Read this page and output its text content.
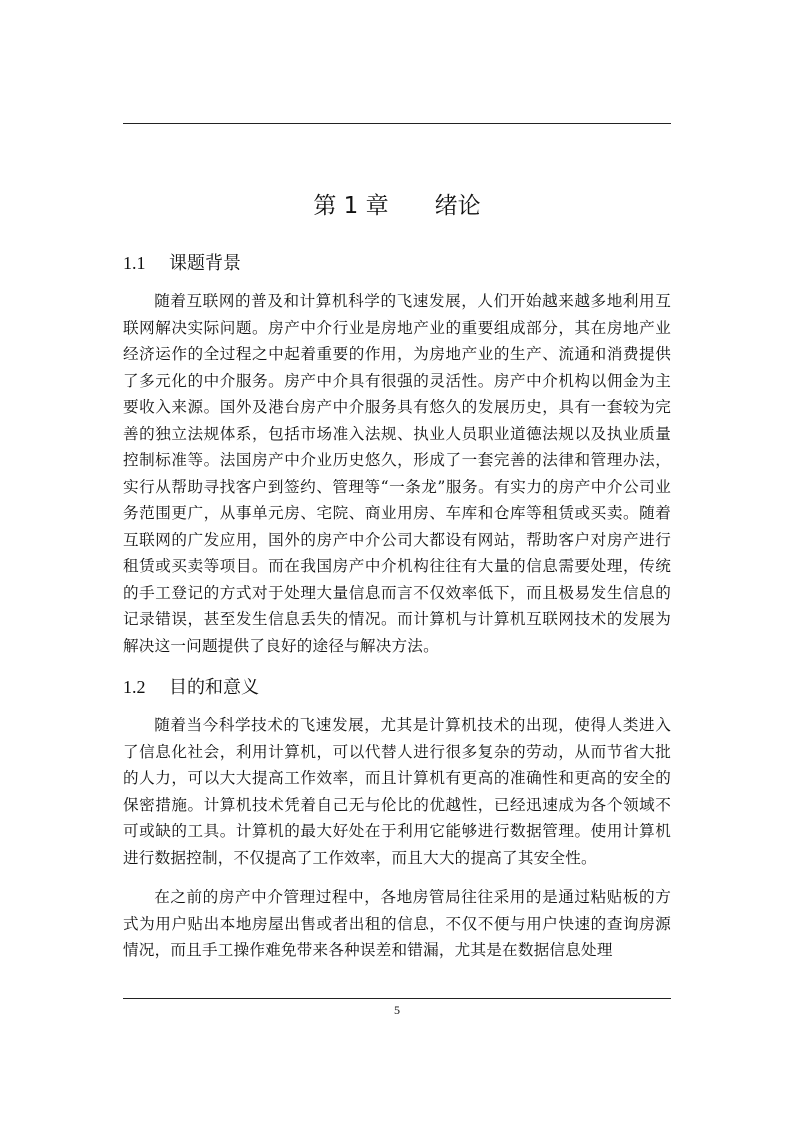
第 1 章　　绪论
1.1 课题背景

随着互联网的普及和计算机科学的飞速发展，人们开始越来越多地利用互联网解决实际问题。房产中介行业是房地产业的重要组成部分，其在房地产业经济运作的全过程之中起着重要的作用，为房地产业的生产、流通和消费提供了多元化的中介服务。房产中介具有很强的灵活性。房产中介机构以佣金为主要收入来源。国外及港台房产中介服务具有悠久的发展历史，具有一套较为完善的独立法规体系，包括市场准入法规、执业人员职业道德法规以及执业质量控制标准等。法国房产中介业历史悠久，形成了一套完善的法律和管理办法，实行从帮助寻找客户到签约、管理等“一条龙”服务。有实力的房产中介公司业务范围更广，从事单元房、宅院、商业用房、车库和仓库等租赁或买卖。随着互联网的广发应用，国外的房产中介公司大都设有网站，帮助客户对房产进行租赁或买卖等项目。而在我国房产中介机构往往有大量的信息需要处理，传统的手工登记的方式对于处理大量信息而言不仅效率低下，而且极易发生信息的记录错误，甚至发生信息丢失的情况。而计算机与计算机互联网技术的发展为解决这一问题提供了良好的途径与解决方法。

1.2 目的和意义

随着当今科学技术的飞速发展，尤其是计算机技术的出现，使得人类进入了信息化社会，利用计算机，可以代替人进行很多复杂的劳动，从而节省大批的人力，可以大大提高工作效率，而且计算机有更高的准确性和更高的安全的保密措施。计算机技术凭着自己无与伦比的优越性，已经迅速成为各个领域不可或缺的工具。计算机的最大好处在于利用它能够进行数据管理。使用计算机进行数据控制，不仅提高了工作效率，而且大大的提高了其安全性。

在之前的房产中介管理过程中，各地房管局往往采用的是通过粘贴板的方式为用户贴出本地房屋出售或者出租的信息，不仅不便与用户快速的查询房源情况，而且手工操作难免带来各种误差和错漏，尤其是在数据信息处理

5
